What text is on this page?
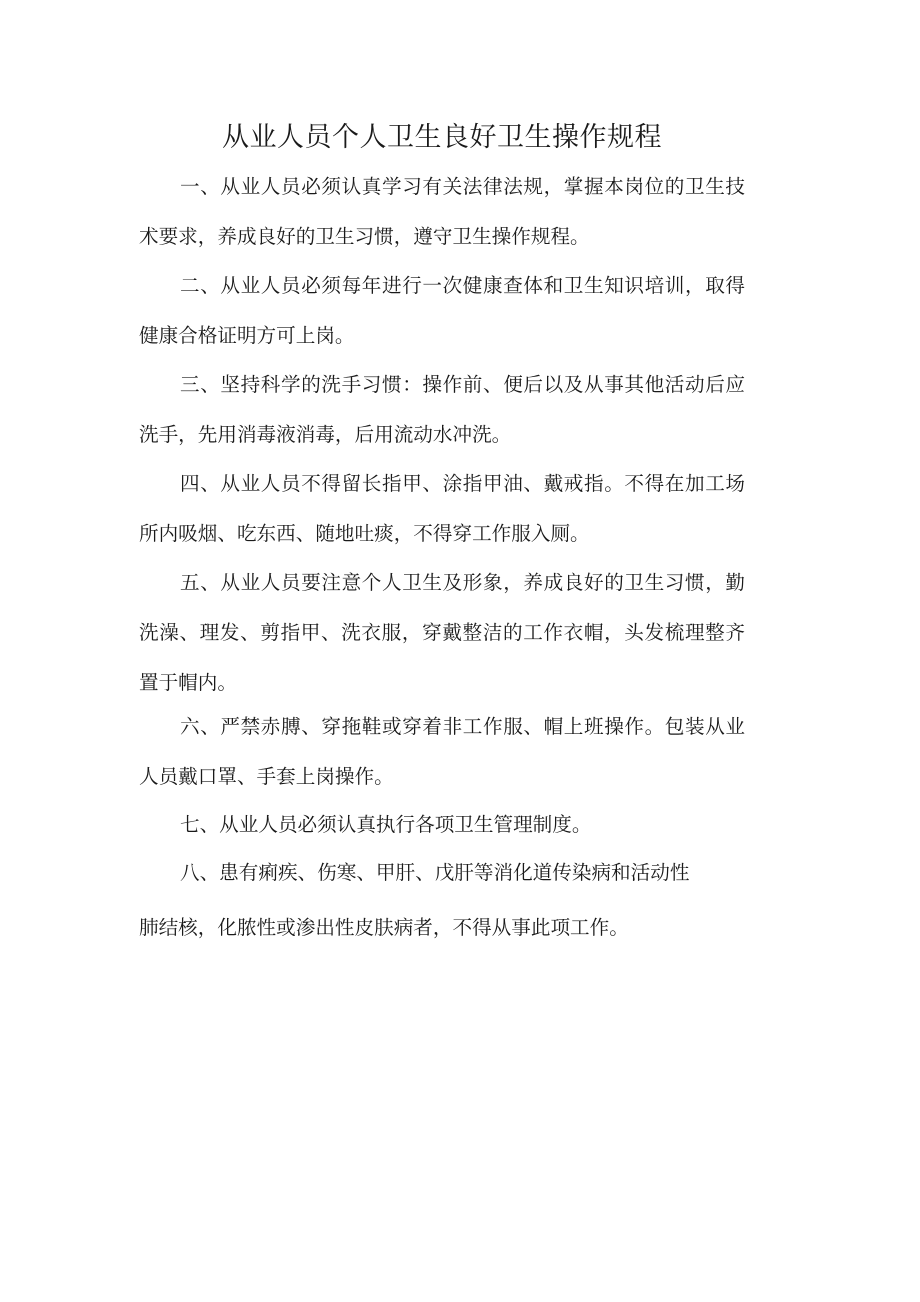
从业人员个人卫生良好卫生操作规程

一、从业人员必须认真学习有关法律法规，掌握本岗位的卫生技术要求，养成良好的卫生习惯，遵守卫生操作规程。

二、从业人员必须每年进行一次健康查体和卫生知识培训，取得健康合格证明方可上岗。

三、坚持科学的洗手习惯：操作前、便后以及从事其他活动后应洗手，先用消毒液消毒，后用流动水冲洗。

四、从业人员不得留长指甲、涂指甲油、戴戒指。不得在加工场所内吸烟、吃东西、随地吐痰，不得穿工作服入厕。

五、从业人员要注意个人卫生及形象，养成良好的卫生习惯，勤洗澡、理发、剪指甲、洗衣服，穿戴整洁的工作衣帽，头发梳理整齐置于帽内。

六、严禁赤膊、穿拖鞋或穿着非工作服、帽上班操作。包装从业人员戴口罩、手套上岗操作。

七、从业人员必须认真执行各项卫生管理制度。

八、患有痢疾、伤寒、甲肝、戊肝等消化道传染病和活动性

肺结核，化脓性或渗出性皮肤病者，不得从事此项工作。
